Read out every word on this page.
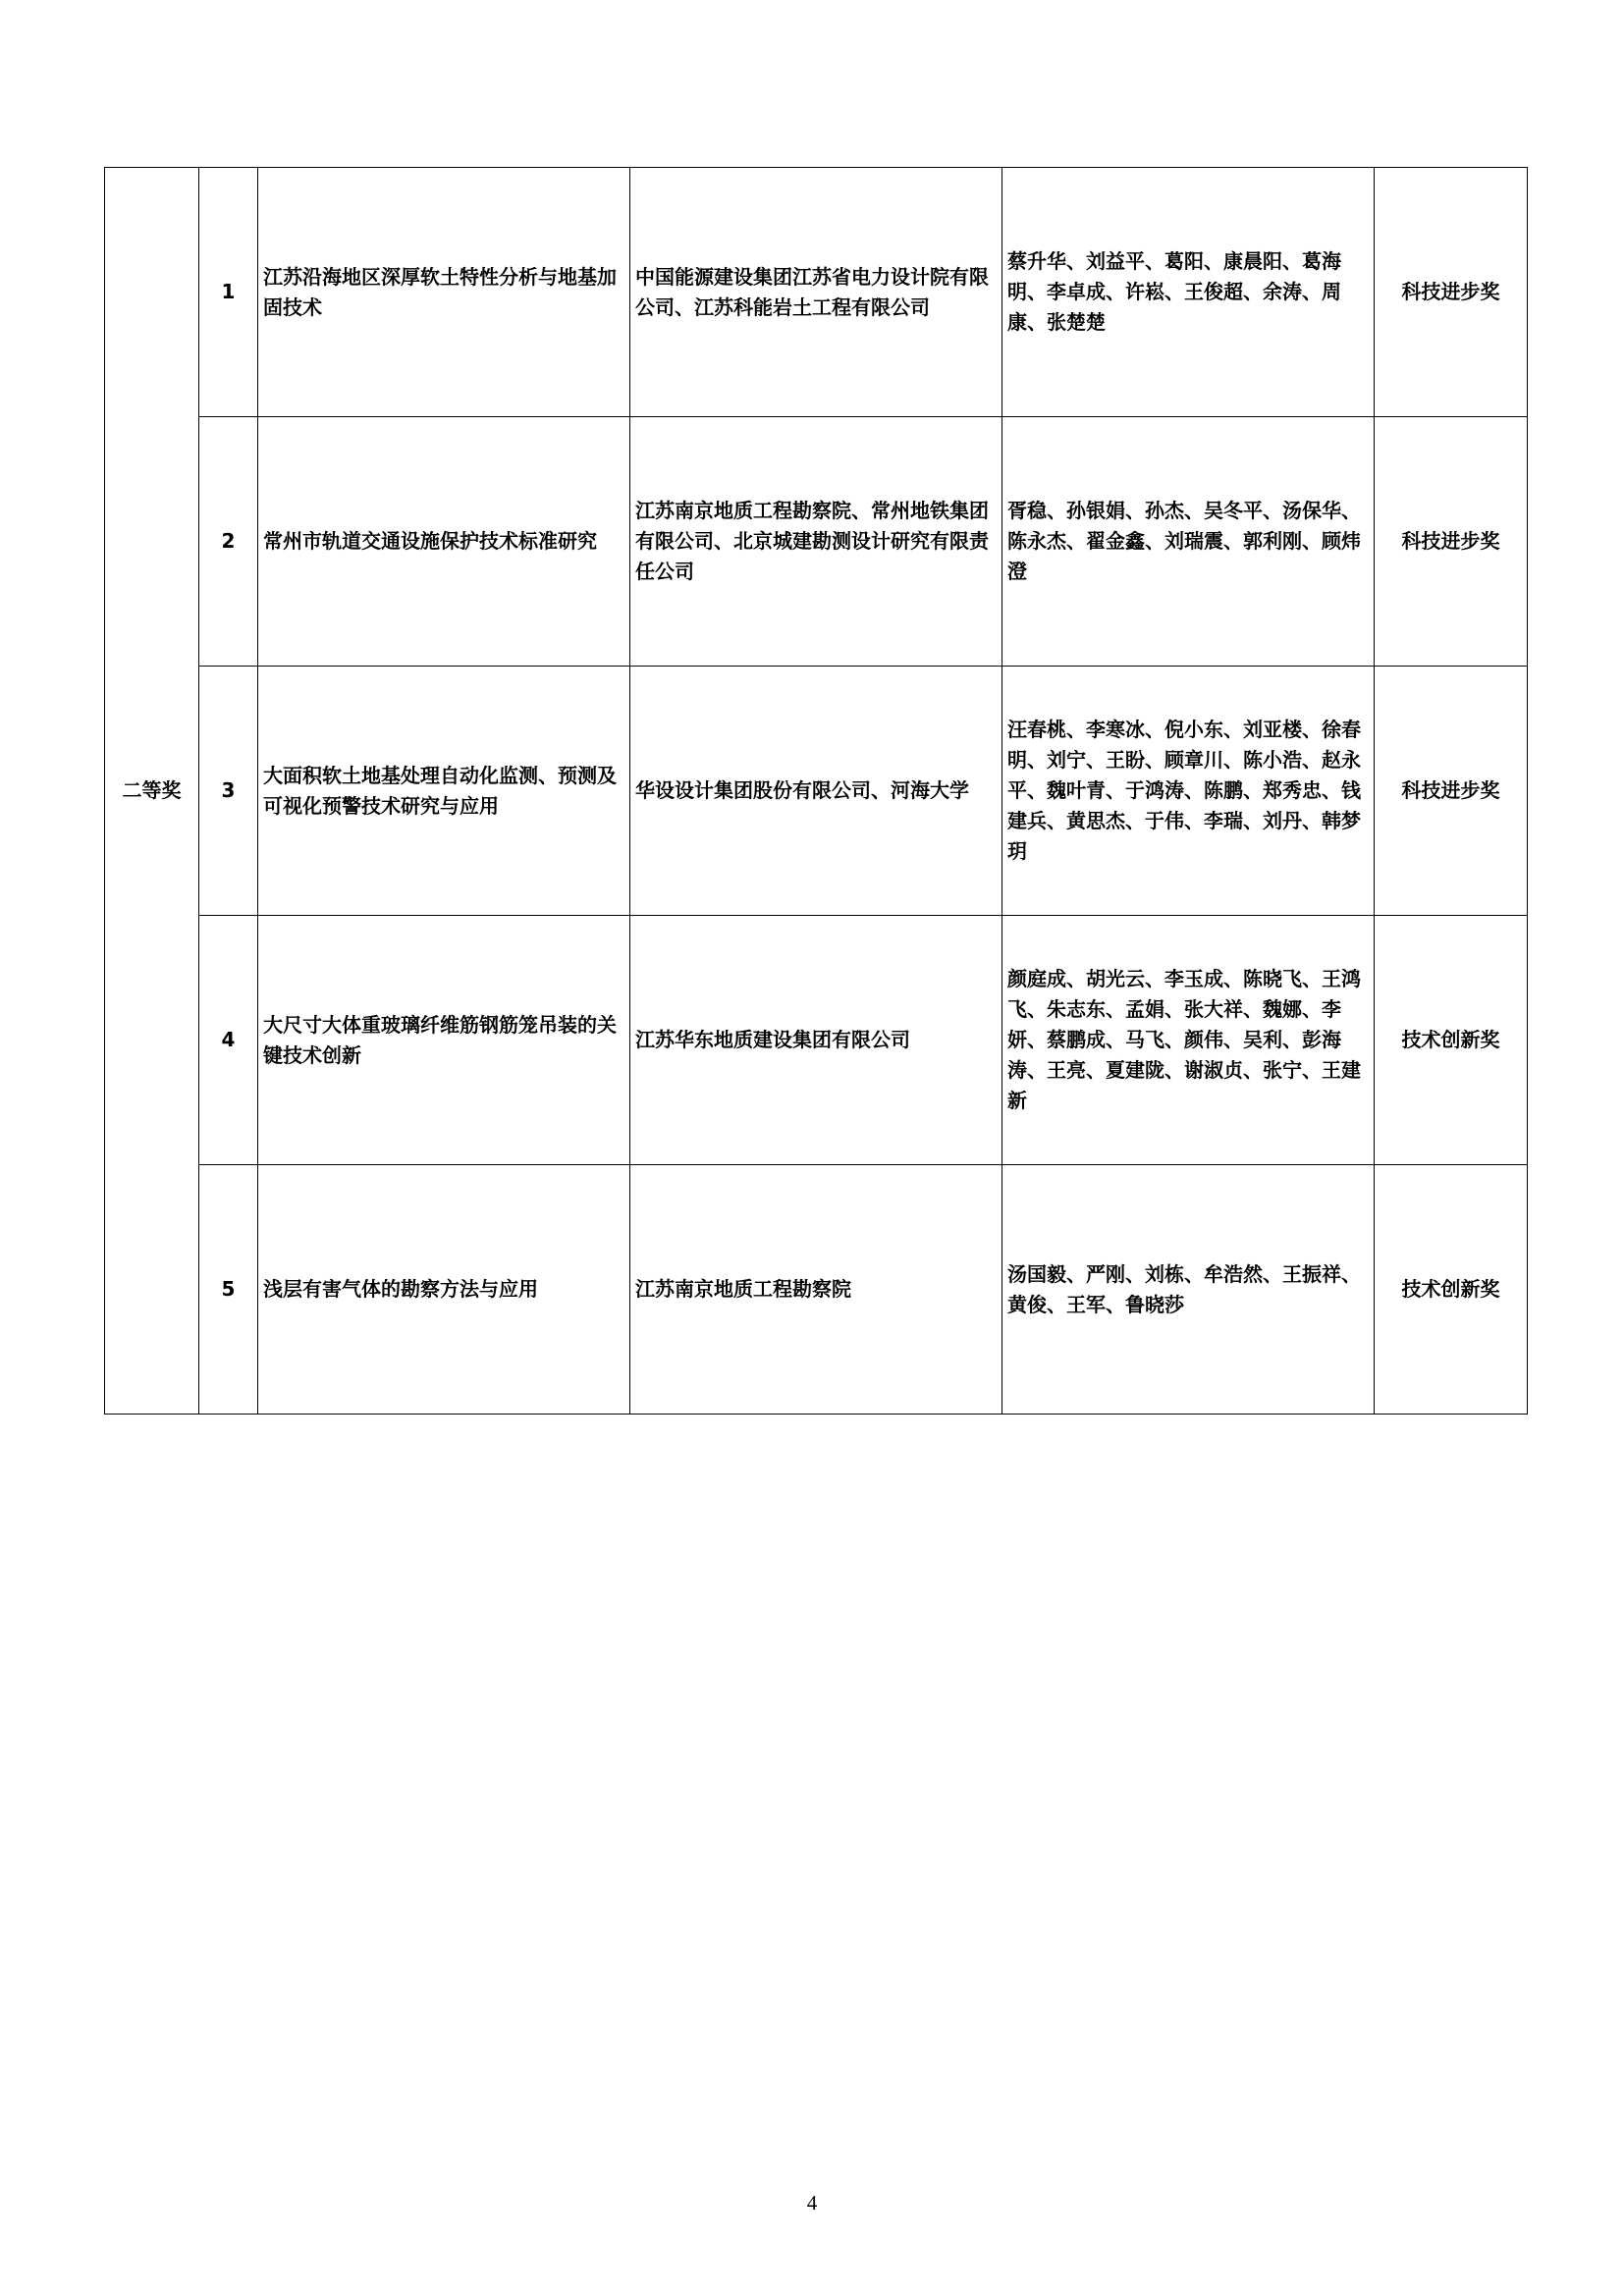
二等奖	1	江苏沿海地区深厚软土特性分析与地基加固技术	中国能源建设集团江苏省电力设计院有限公司、江苏科能岩土工程有限公司	蔡升华、刘益平、葛阳、康晨阳、葛海明、李卓成、许崧、王俊超、余涛、周康、张楚楚	科技进步奖
	2	常州市轨道交通设施保护技术标准研究	江苏南京地质工程勘察院、常州地铁集团有限公司、北京城建勘测设计研究有限责任公司	胥稳、孙银娟、孙杰、吴冬平、汤保华、陈永杰、翟金鑫、刘瑞震、郭利刚、顾炜澄	科技进步奖
	3	大面积软土地基处理自动化监测、预测及可视化预警技术研究与应用	华设设计集团股份有限公司、河海大学	汪春桃、李寒冰、倪小东、刘亚楼、徐春明、刘宁、王盼、顾章川、陈小浩、赵永平、魏叶青、于鸿涛、陈鹏、郑秀忠、钱建兵、黄思杰、于伟、李瑞、刘丹、韩梦玥	科技进步奖
	4	大尺寸大体重玻璃纤维筋钢筋笼吊装的关键技术创新	江苏华东地质建设集团有限公司	颜庭成、胡光云、李玉成、陈晓飞、王鸿飞、朱志东、孟娟、张大祥、魏娜、李妍、蔡鹏成、马飞、颜伟、吴利、彭海涛、王亮、夏建陇、谢淑贞、张宁、王建新	技术创新奖
	5	浅层有害气体的勘察方法与应用	江苏南京地质工程勘察院	汤国毅、严刚、刘栋、牟浩然、王振祥、黄俊、王军、鲁晓莎	技术创新奖
4
